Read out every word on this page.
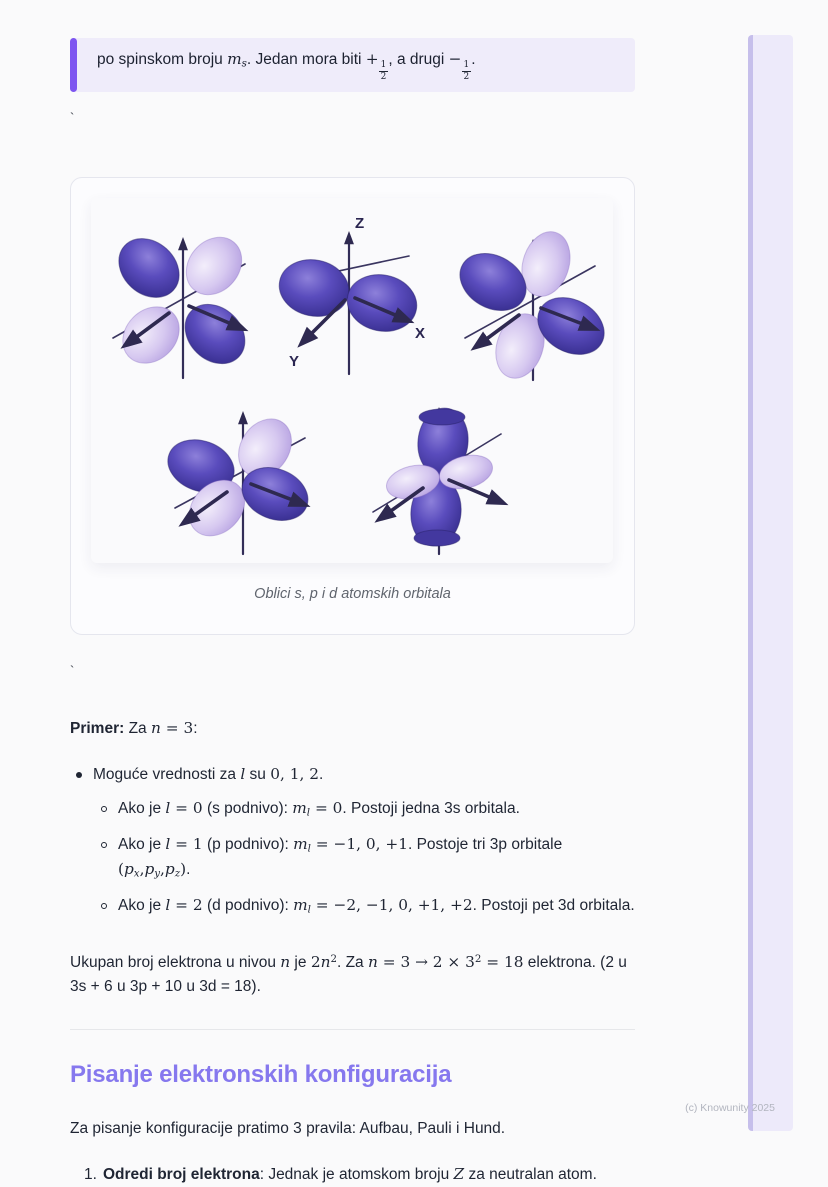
po spinskom broju ms. Jedan mora biti +
$\frac{1}{2}$
, a drugi −
$\frac{1}{2}$
.

`
Z
X
Y
Oblici s, p i d atomskih orbitala
`

Primer: Za n = 3:

Moguće vrednosti za l su 0, 1, 2.
Ako je l = 0 (s podnivo): ml = 0. Postoji jedna 3s orbitala.
Ako je l = 1 (p podnivo): ml = −1, 0, +1. Postoje tri 3p orbitale (px,py,pz).
Ako je l = 2 (d podnivo): ml = −2, −1, 0, +1, +2. Postoji pet 3d orbitala.

Ukupan broj elektrona u nivou n je $2n^2$. Za $n = 3 \to 2 \times 3^2 = 18$ elektrona. (2 u 3s + 6 u 3p + 10 u 3d = 18).

Pisanje elektronskih konfiguracija

Za pisanje konfiguracije pratimo 3 pravila: Aufbau, Pauli i Hund.

1. Odredi broj elektrona: Jednak je atomskom broju Z za neutralan atom.
(c) Knowunity 2025
